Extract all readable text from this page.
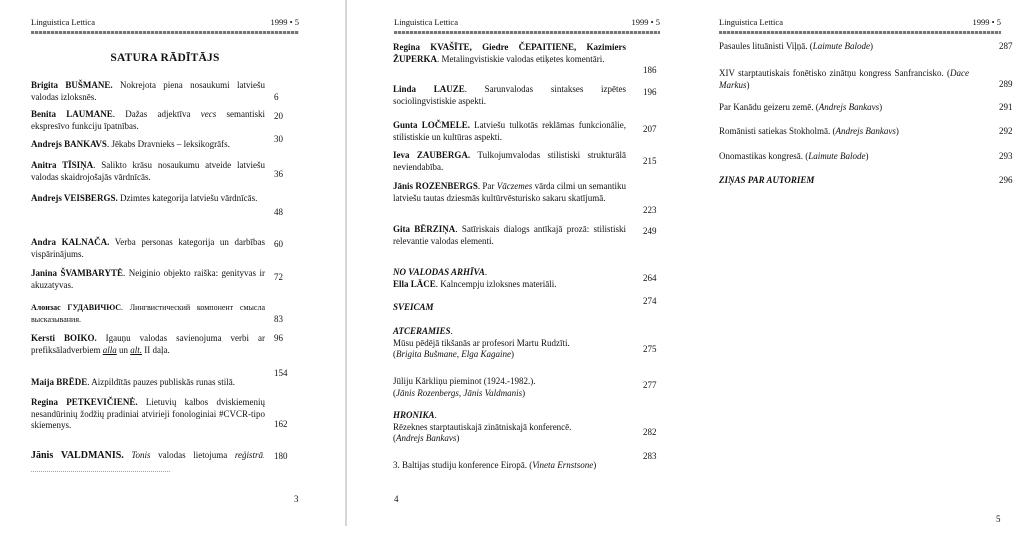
Linguistica Lettica	1999 • 5
SATURA RĀDĪTĀJS
Brigita BUŠMANE. Nokrejota piena nosaukumi latviešu valodas izloksnēs.	6
Benita LAUMANE. Dažas adjektīva vecs semantiski ekspresīvo funkciju īpatnības.
20
Andrejs BANKAVS. Jēkabs Dravnieks – leksikogrāfs.	30
Anitra TĪSIŅA. Salikto krāsu nosaukumu atveide latviešu valodas skaidrojošajās vārdnīcās.	36
Andrejs VEISBERGS. Dzimtes kategorija latviešu vārdnīcās.
48
Andra KALNAČA. Verba personas kategorija un darbības vispārinājums.
60
Janina ŠVAMBARYTĖ. Neiginio objekto raiška: genityvas ir akuzatyvas.
72
Алоизас ГУДАВИЧЮС. Лингвистический компонент смысла высказывания.	83
Kersti BOIKO. Igauņu valodas savienojuma verbi ar prefiksāladverbiem alla un alt. II daļa.
96
Maija BRĒDE. Aizpildītās pauzes publiskās runas stilā.
154
Regina PETKEVIČIENĖ. Lietuvių kalbos dviskiemenių nesandūrinių žodžių pradiniai atvirieji fonologiniai #CVCR-tipo skiemenys.	162
Jānis VALDMANIS. Tonis valodas lietojuma reģistrā. ......................................................................
180
3
Linguistica Lettica	1999 • 5
Regina KVAŠĪTE, Giedre ČEPAITIENE, Kazimiers ŽUPERKA. Metalingvistiskie valodas etiķetes komentāri.
186
Linda LAUZE. Sarunvalodas sintakses izpētes sociolingvistiskie aspekti.
196
Gunta LOČMELE. Latviešu tulkotās reklāmas funkcionālie, stilistiskie un kultūras aspekti.
207
Ieva ZAUBERGA. Tulkojumvalodas stilistiski strukturālā neviendabība.
215
Jānis ROZENBERGS. Par Vāczemes vārda cilmi un semantiku latviešu tautas dziesmās kultūrvēsturisko sakaru skatījumā.
223
Gita BĒRZIŅA. Satīriskais dialogs antīkajā prozā: stilistiski relevantie valodas elementi.
249
NO VALODAS ARHĪVA.
Ella LĀCE. Kalncempju izloksnes materiāli.
264
SVEICAM
274
ATCERAMIES.
Mūsu pēdējā tikšanās ar profesori Martu Rudzīti.
(Brigita Bušmane, Elga Kagaine)	275
Jūliju Kārkliņu pieminot (1924.-1982.).
(Jānis Rozenbergs, Jānis Valdmanis)
277
HRONIKA.
Rēzeknes starptautiskajā zinātniskajā konferencē.
(Andrejs Bankavs)
282
3. Baltijas studiju konference Eiropā. (Vineta Ernstsone)
283
4
Linguistica Lettica	1999 • 5
Pasaules lituānisti Viļņā. (Laimute Balode)	287
XIV starptautiskais fonētisko zinātņu kongress Sanfrancisko. (Dace Markus)	289
Par Kanādu geizeru zemē. (Andrejs Bankavs)	291
Romānisti satiekas Stokholmā. (Andrejs Bankavs)	292
Onomastikas kongresā. (Laimute Balode)	293
ZIŅAS PAR AUTORIEM	296
5
